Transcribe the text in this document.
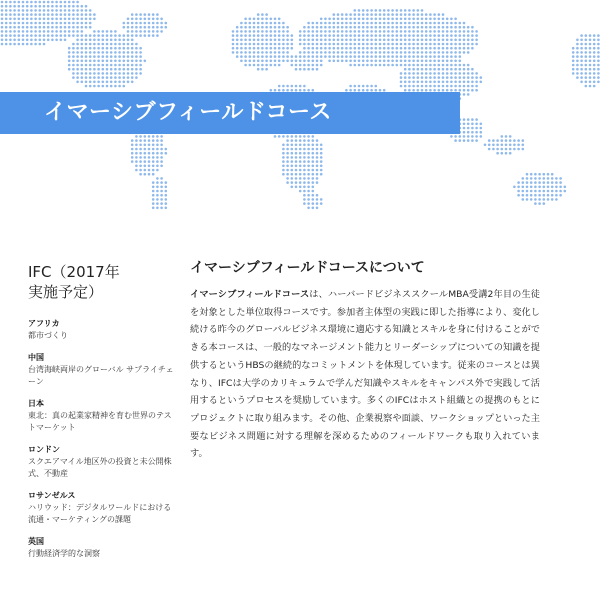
イマーシブフィールドコース
IFC（2017年
実施予定）
アフリカ
都市づくり
中国
台湾海峡両岸のグローバル サプライチェーン
日本
東北：真の起業家精神を育む世界のテストマーケット
ロンドン
スクエアマイル地区外の投資と未公開株式、不動産
ロサンゼルス
ハリウッド：デジタルワールドにおける流通・マーケティングの課題
英国
行動経済学的な洞察
イマーシブフィールドコースについて

イマーシブフィールドコースは、ハーバードビジネススクールMBA受講2年目の生徒を対象とした単位取得コースです。参加者主体型の実践に即した指導により、変化し続ける昨今のグローバルビジネス環境に適応する知識とスキルを身に付けることができる本コースは、一般的なマネージメント能力とリーダーシップについての知識を提供するというHBSの継続的なコミットメントを体現しています。従来のコースとは異なり、IFCは大学のカリキュラムで学んだ知識やスキルをキャンパス外で実践して活用するというプロセスを奨励しています。多くのIFCはホスト組織との提携のもとにプロジェクトに取り組みます。その他、企業視察や面談、ワークショップといった主要なビジネス問題に対する理解を深めるためのフィールドワークも取り入れています。
